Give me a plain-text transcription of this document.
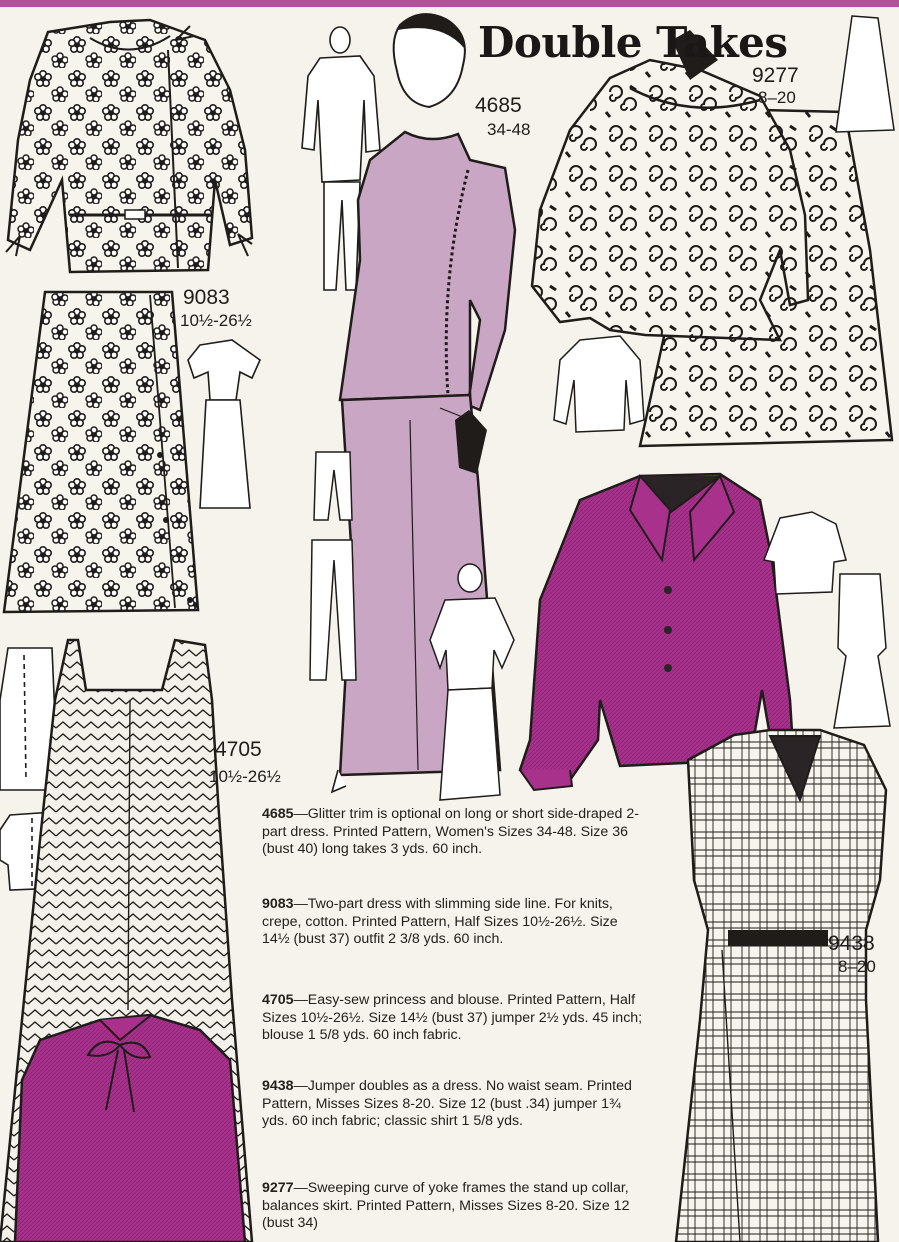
Double Takes
4685
34-48
9277
8–20
9083
10½-26½
4705
10½-26½
9438
8–20
4685—Glitter trim is optional on long or short side-draped 2-part dress. Printed Pattern, Women's Sizes 34-48. Size 36 (bust 40) long takes 3 yds. 60 inch.
9083—Two-part dress with slimming side line. For knits, crepe, cotton. Printed Pattern, Half Sizes 10½-26½. Size 14½ (bust 37) outfit 2 3/8 yds. 60 inch.
4705—Easy-sew princess and blouse. Printed Pattern, Half Sizes 10½-26½. Size 14½ (bust 37) jumper 2½ yds. 45 inch; blouse 1 5/8 yds. 60 inch fabric.
9438—Jumper doubles as a dress. No waist seam. Printed Pattern, Misses Sizes 8-20. Size 12 (bust .34) jumper 1¾ yds. 60 inch fabric; classic shirt 1 5/8 yds.
9277—Sweeping curve of yoke frames the stand up collar, balances skirt. Printed Pattern, Misses Sizes 8-20. Size 12 (bust 34)
